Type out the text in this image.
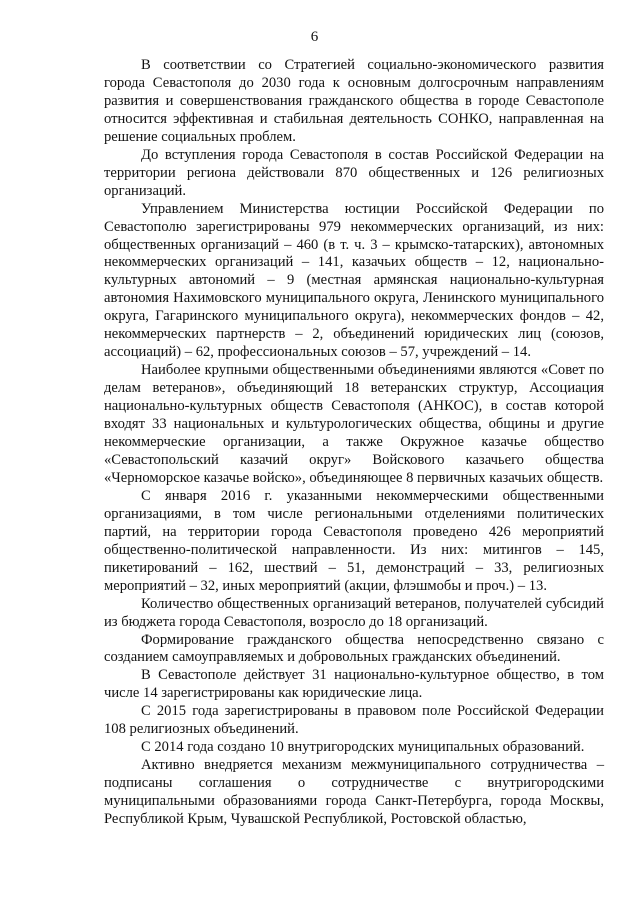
6

В соответствии со Стратегией социально-экономического развития города Севастополя до 2030 года к основным долгосрочным направлениям развития и совершенствования гражданского общества в городе Севастополе относится эффективная и стабильная деятельность СОНКО, направленная на решение социальных проблем.

До вступления города Севастополя в состав Российской Федерации на территории региона действовали 870 общественных и 126 религиозных организаций.

Управлением Министерства юстиции Российской Федерации по Севастополю зарегистрированы 979 некоммерческих организаций, из них: общественных организаций – 460 (в т. ч. 3 – крымско-татарских), автономных некоммерческих организаций – 141, казачьих обществ – 12, национально-культурных автономий – 9 (местная армянская национально-культурная автономия Нахимовского муниципального округа, Ленинского муниципального округа, Гагаринского муниципального округа), некоммерческих фондов – 42, некоммерческих партнерств – 2, объединений юридических лиц (союзов, ассоциаций) – 62, профессиональных союзов – 57, учреждений – 14.

Наиболее крупными общественными объединениями являются «Совет по делам ветеранов», объединяющий 18 ветеранских структур, Ассоциация национально-культурных обществ Севастополя (АНКОС), в состав которой входят 33 национальных и культурологических общества, общины и другие некоммерческие организации, а также Окружное казачье общество «Севастопольский казачий округ» Войскового казачьего общества «Черноморское казачье войско», объединяющее 8 первичных казачьих обществ.

С января 2016 г. указанными некоммерческими общественными организациями, в том числе региональными отделениями политических партий, на территории города Севастополя проведено 426 мероприятий общественно-политической направленности. Из них: митингов – 145, пикетирований – 162, шествий – 51, демонстраций – 33, религиозных мероприятий – 32, иных мероприятий (акции, флэшмобы и проч.) – 13.

Количество общественных организаций ветеранов, получателей субсидий из бюджета города Севастополя, возросло до 18 организаций.

Формирование гражданского общества непосредственно связано с созданием самоуправляемых и добровольных гражданских объединений.

В Севастополе действует 31 национально-культурное общество, в том числе 14 зарегистрированы как юридические лица.

С 2015 года зарегистрированы в правовом поле Российской Федерации 108 религиозных объединений.

С 2014 года создано 10 внутригородских муниципальных образований.

Активно внедряется механизм межмуниципального сотрудничества – подписаны соглашения о сотрудничестве с внутригородскими муниципальными образованиями города Санкт-Петербурга, города Москвы, Республикой Крым, Чувашской Республикой, Ростовской областью,
